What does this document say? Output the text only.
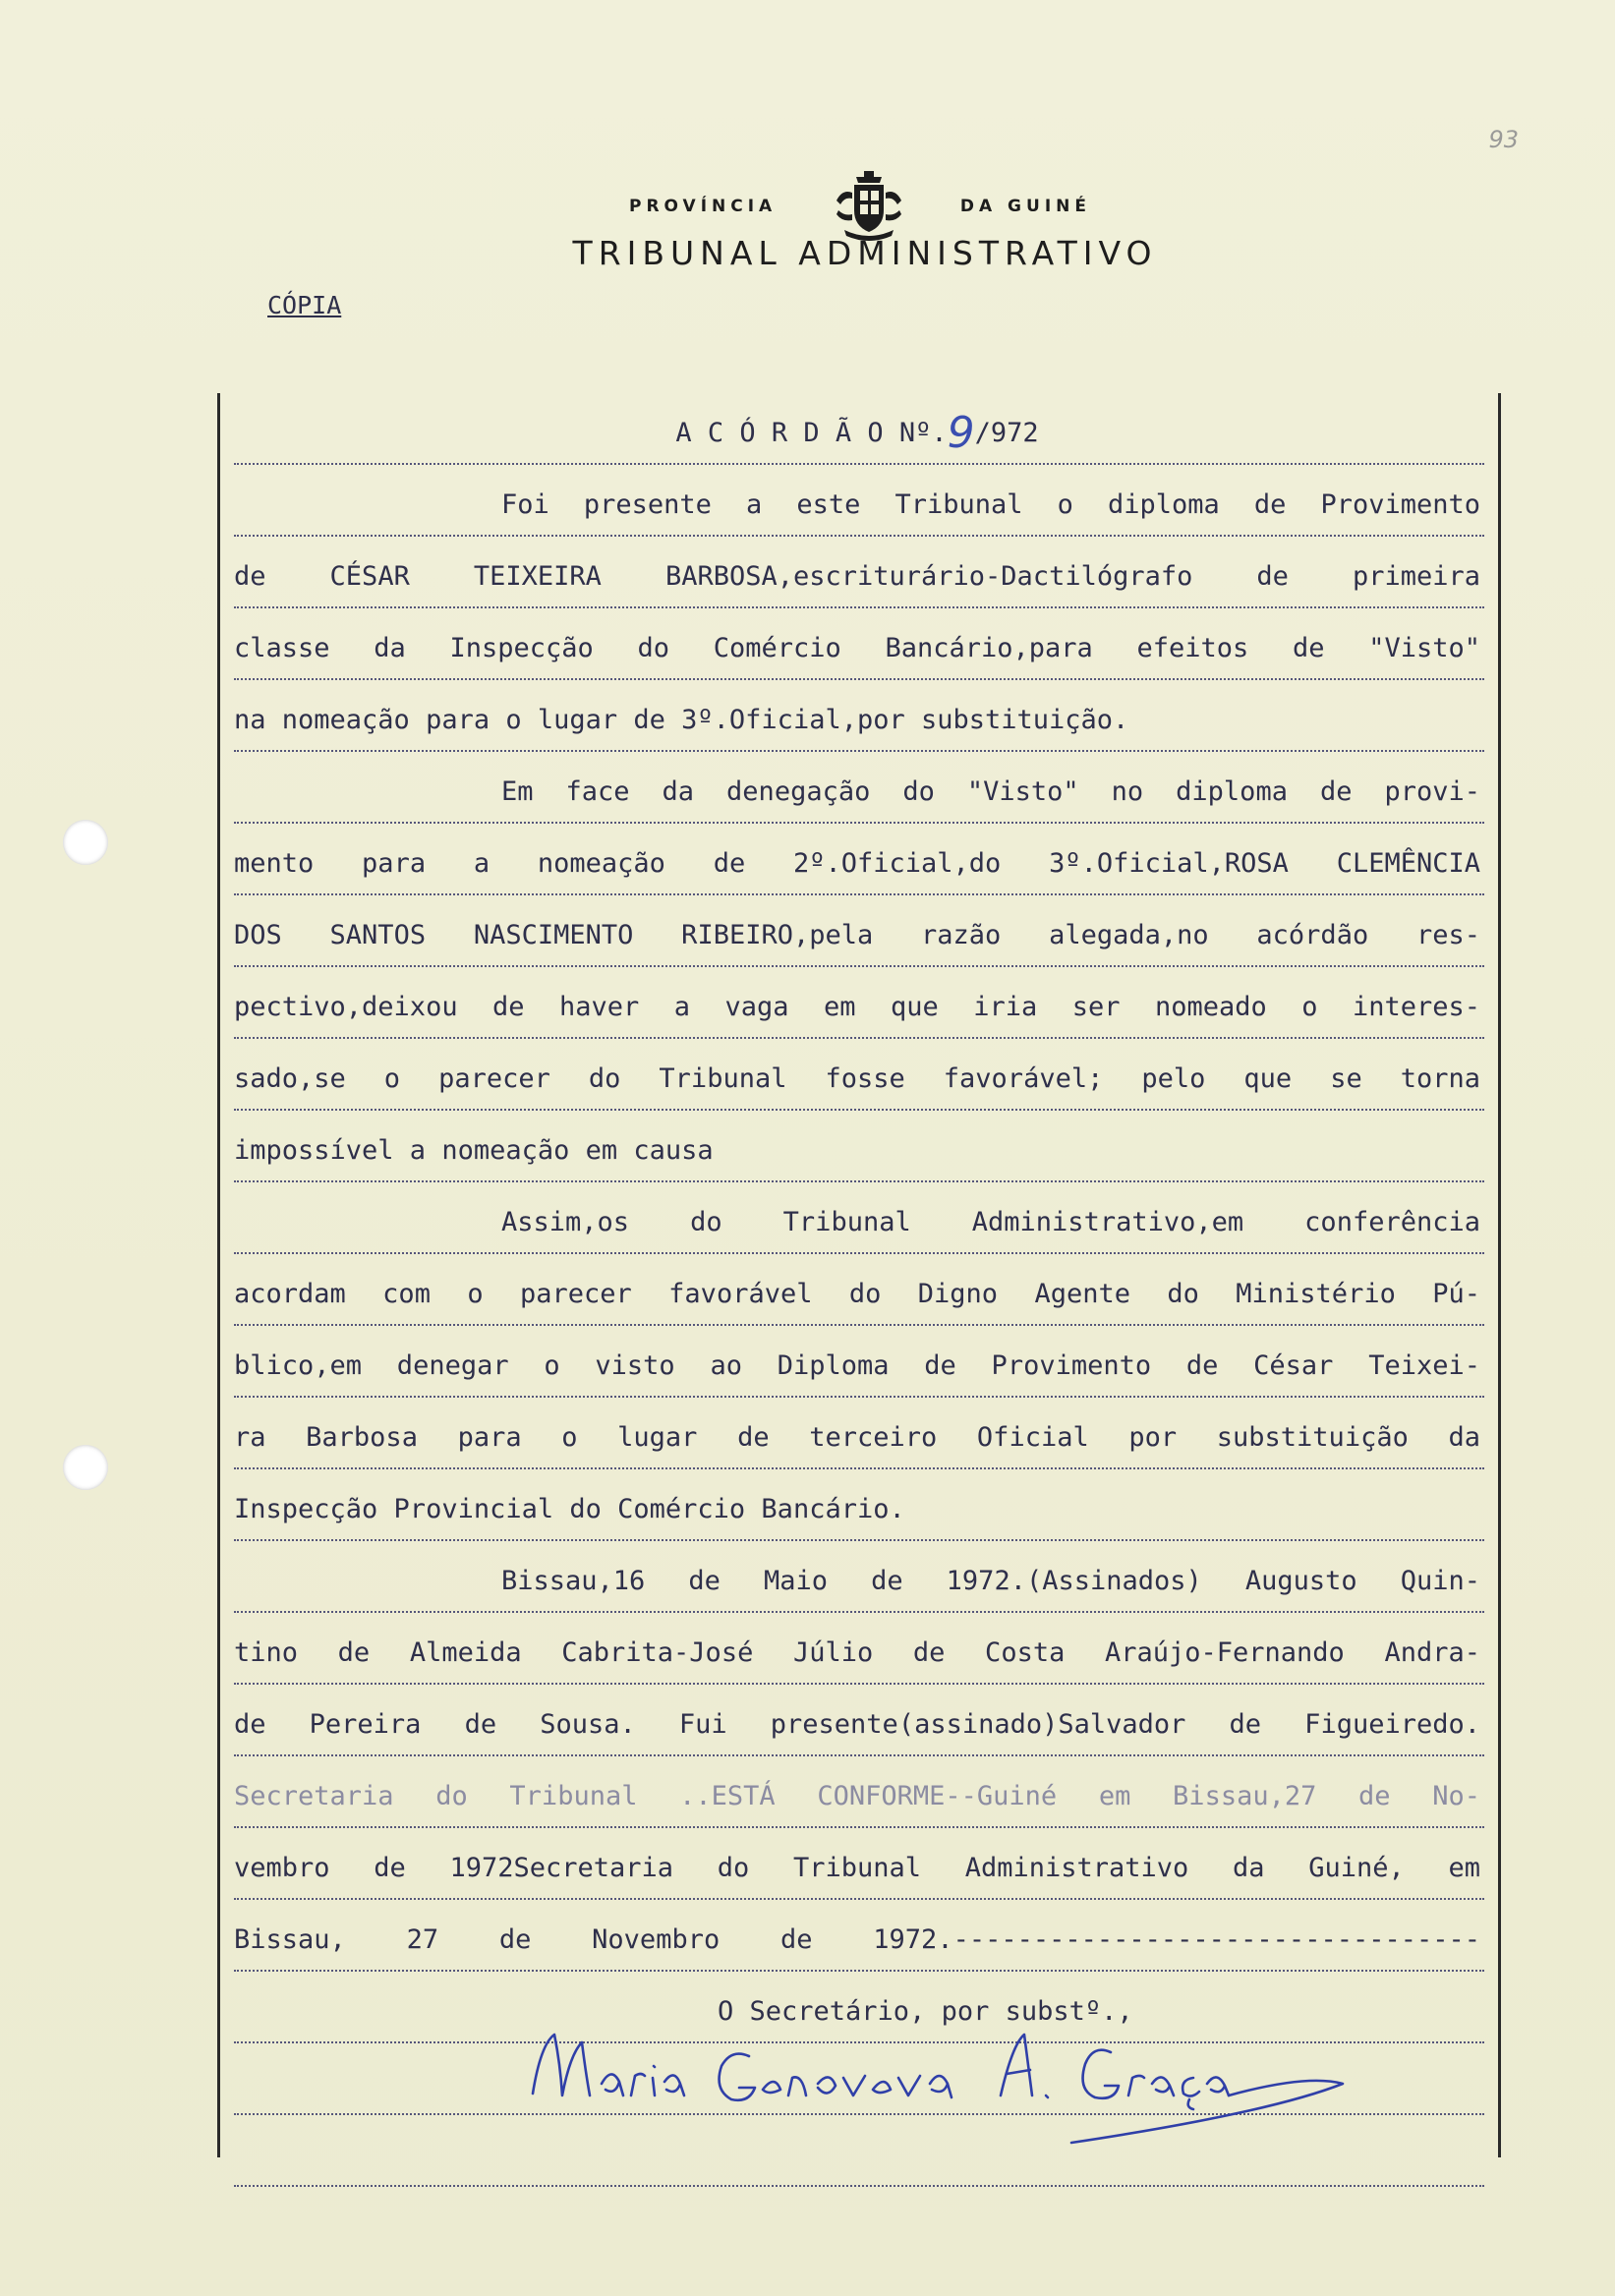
93
PROVÍNCIA	DA GUINÉ
TRIBUNAL ADMINISTRATIVO
CÓPIA
A C Ó R D Ã O Nº.9/972
Foi presente a este Tribunal o diploma de Provimento
de CÉSAR TEIXEIRA BARBOSA,escriturário-Dactilógrafo de primeira
classe da Inspecção do Comércio Bancário,para efeitos de "Visto"
na nomeação para o lugar de 3º.Oficial,por substituição.
Em face da denegação do "Visto" no diploma de provi-
mento para a nomeação de 2º.Oficial,do 3º.Oficial,ROSA CLEMÊNCIA
DOS SANTOS NASCIMENTO RIBEIRO,pela razão alegada,no acórdão res-
pectivo,deixou de haver a vaga em que iria ser nomeado o interes-
sado,se o parecer do Tribunal fosse favorável; pelo que se torna
impossível a nomeação em causa
Assim,os do Tribunal Administrativo,em conferência
acordam com o parecer favorável do Digno Agente do Ministério Pú-
blico,em denegar o visto ao Diploma de Provimento de César Teixei-
ra Barbosa para o lugar de terceiro Oficial por substituição da
Inspecção Provincial do Comércio Bancário.
Bissau,16 de Maio de 1972.(Assinados) Augusto Quin-
tino de Almeida Cabrita-José Júlio de Costa Araújo-Fernando Andra-
de Pereira de Sousa. Fui presente(assinado)Salvador de Figueiredo.
Secretaria do Tribunal ..ESTÁ CONFORME--Guiné em Bissau,27 de No-
vembro de 1972Secretaria do Tribunal Administrativo da Guiné, em
Bissau, 27 de Novembro de 1972.---------------------------------
O Secretário, por substº.,
